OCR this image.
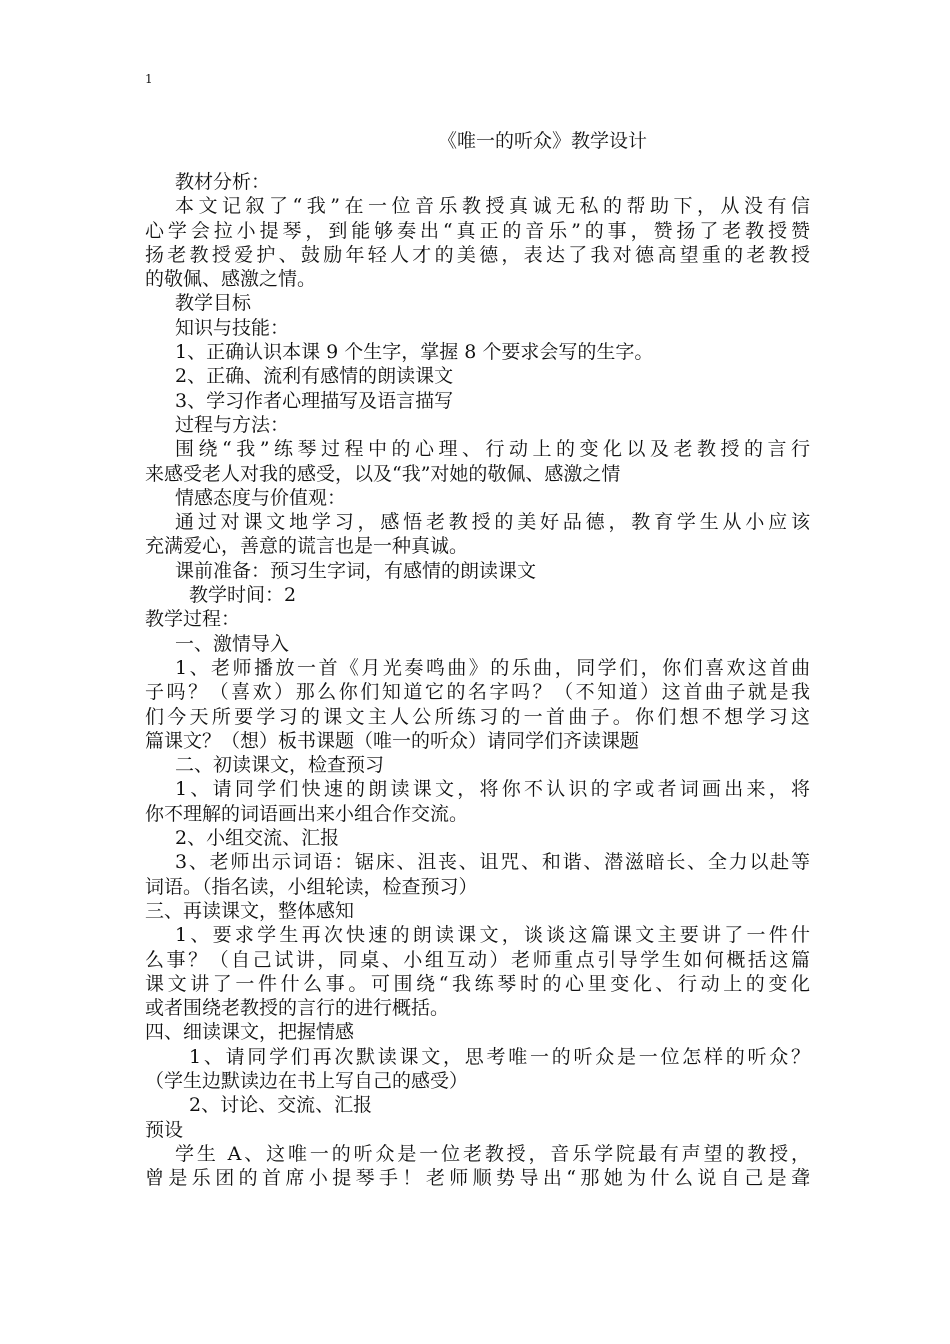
1
《唯一的听众》教学设计
教材分析：
本文记叙了“我”在一位音乐教授真诚无私的帮助下，从没有信
心学会拉小提琴，到能够奏出“真正的音乐”的事，赞扬了老教授赞
扬老教授爱护、鼓励年轻人才的美德，表达了我对德高望重的老教授
的敬佩、感激之情。
教学目标
知识与技能：
1、正确认识本课 9 个生字，掌握 8 个要求会写的生字。
2、正确、流利有感情的朗读课文
3、学习作者心理描写及语言描写
过程与方法：
围绕“我”练琴过程中的心理、行动上的变化以及老教授的言行
来感受老人对我的感受，以及“我”对她的敬佩、感激之情
情感态度与价值观：
通过对课文地学习，感悟老教授的美好品德，教育学生从小应该
充满爱心，善意的谎言也是一种真诚。
课前准备：预习生字词，有感情的朗读课文
教学时间：2
教学过程：
一、激情导入
1、老师播放一首《月光奏鸣曲》的乐曲，同学们，你们喜欢这首曲
子吗？（喜欢）那么你们知道它的名字吗？（不知道）这首曲子就是我
们今天所要学习的课文主人公所练习的一首曲子。你们想不想学习这
篇课文？（想）板书课题（唯一的听众）请同学们齐读课题
二、初读课文，检查预习
1、请同学们快速的朗读课文，将你不认识的字或者词画出来，将
你不理解的词语画出来小组合作交流。
2、小组交流、汇报
3、老师出示词语：锯床、沮丧、诅咒、和谐、潜滋暗长、全力以赴等
词语。（指名读，小组轮读，检查预习）
三、再读课文，整体感知
1、要求学生再次快速的朗读课文，谈谈这篇课文主要讲了一件什
么事？（自己试讲，同桌、小组互动）老师重点引导学生如何概括这篇
课文讲了一件什么事。可围绕“我练琴时的心里变化、行动上的变化
或者围绕老教授的言行的进行概括。
四、细读课文，把握情感
1、请同学们再次默读课文，思考唯一的听众是一位怎样的听众？
（学生边默读边在书上写自己的感受）
2、讨论、交流、汇报
预设
学生 A、这唯一的听众是一位老教授，音乐学院最有声望的教授，
曾是乐团的首席小提琴手！老师顺势导出“那她为什么说自己是聋
